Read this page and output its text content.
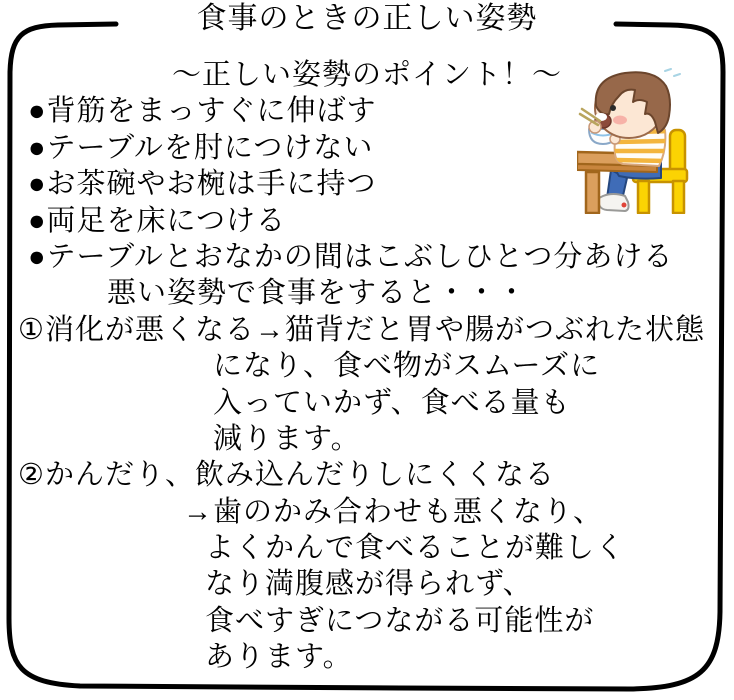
食事のときの正しい姿勢
～正しい姿勢のポイント！～
●背筋をまっすぐに伸ばす
●テーブルを肘につけない
●お茶碗やお椀は手に持つ
●両足を床につける
●テーブルとおなかの間はこぶしひとつ分あける
悪い姿勢で食事をすると・・・
①消化が悪くなる→猫背だと胃や腸がつぶれた状態
になり、食べ物がスムーズに
入っていかず、食べる量も
減ります。
②かんだり、飲み込んだりしにくくなる
→歯のかみ合わせも悪くなり、
よくかんで食べることが難しく
なり満腹感が得られず、
食べすぎにつながる可能性が
あります。
